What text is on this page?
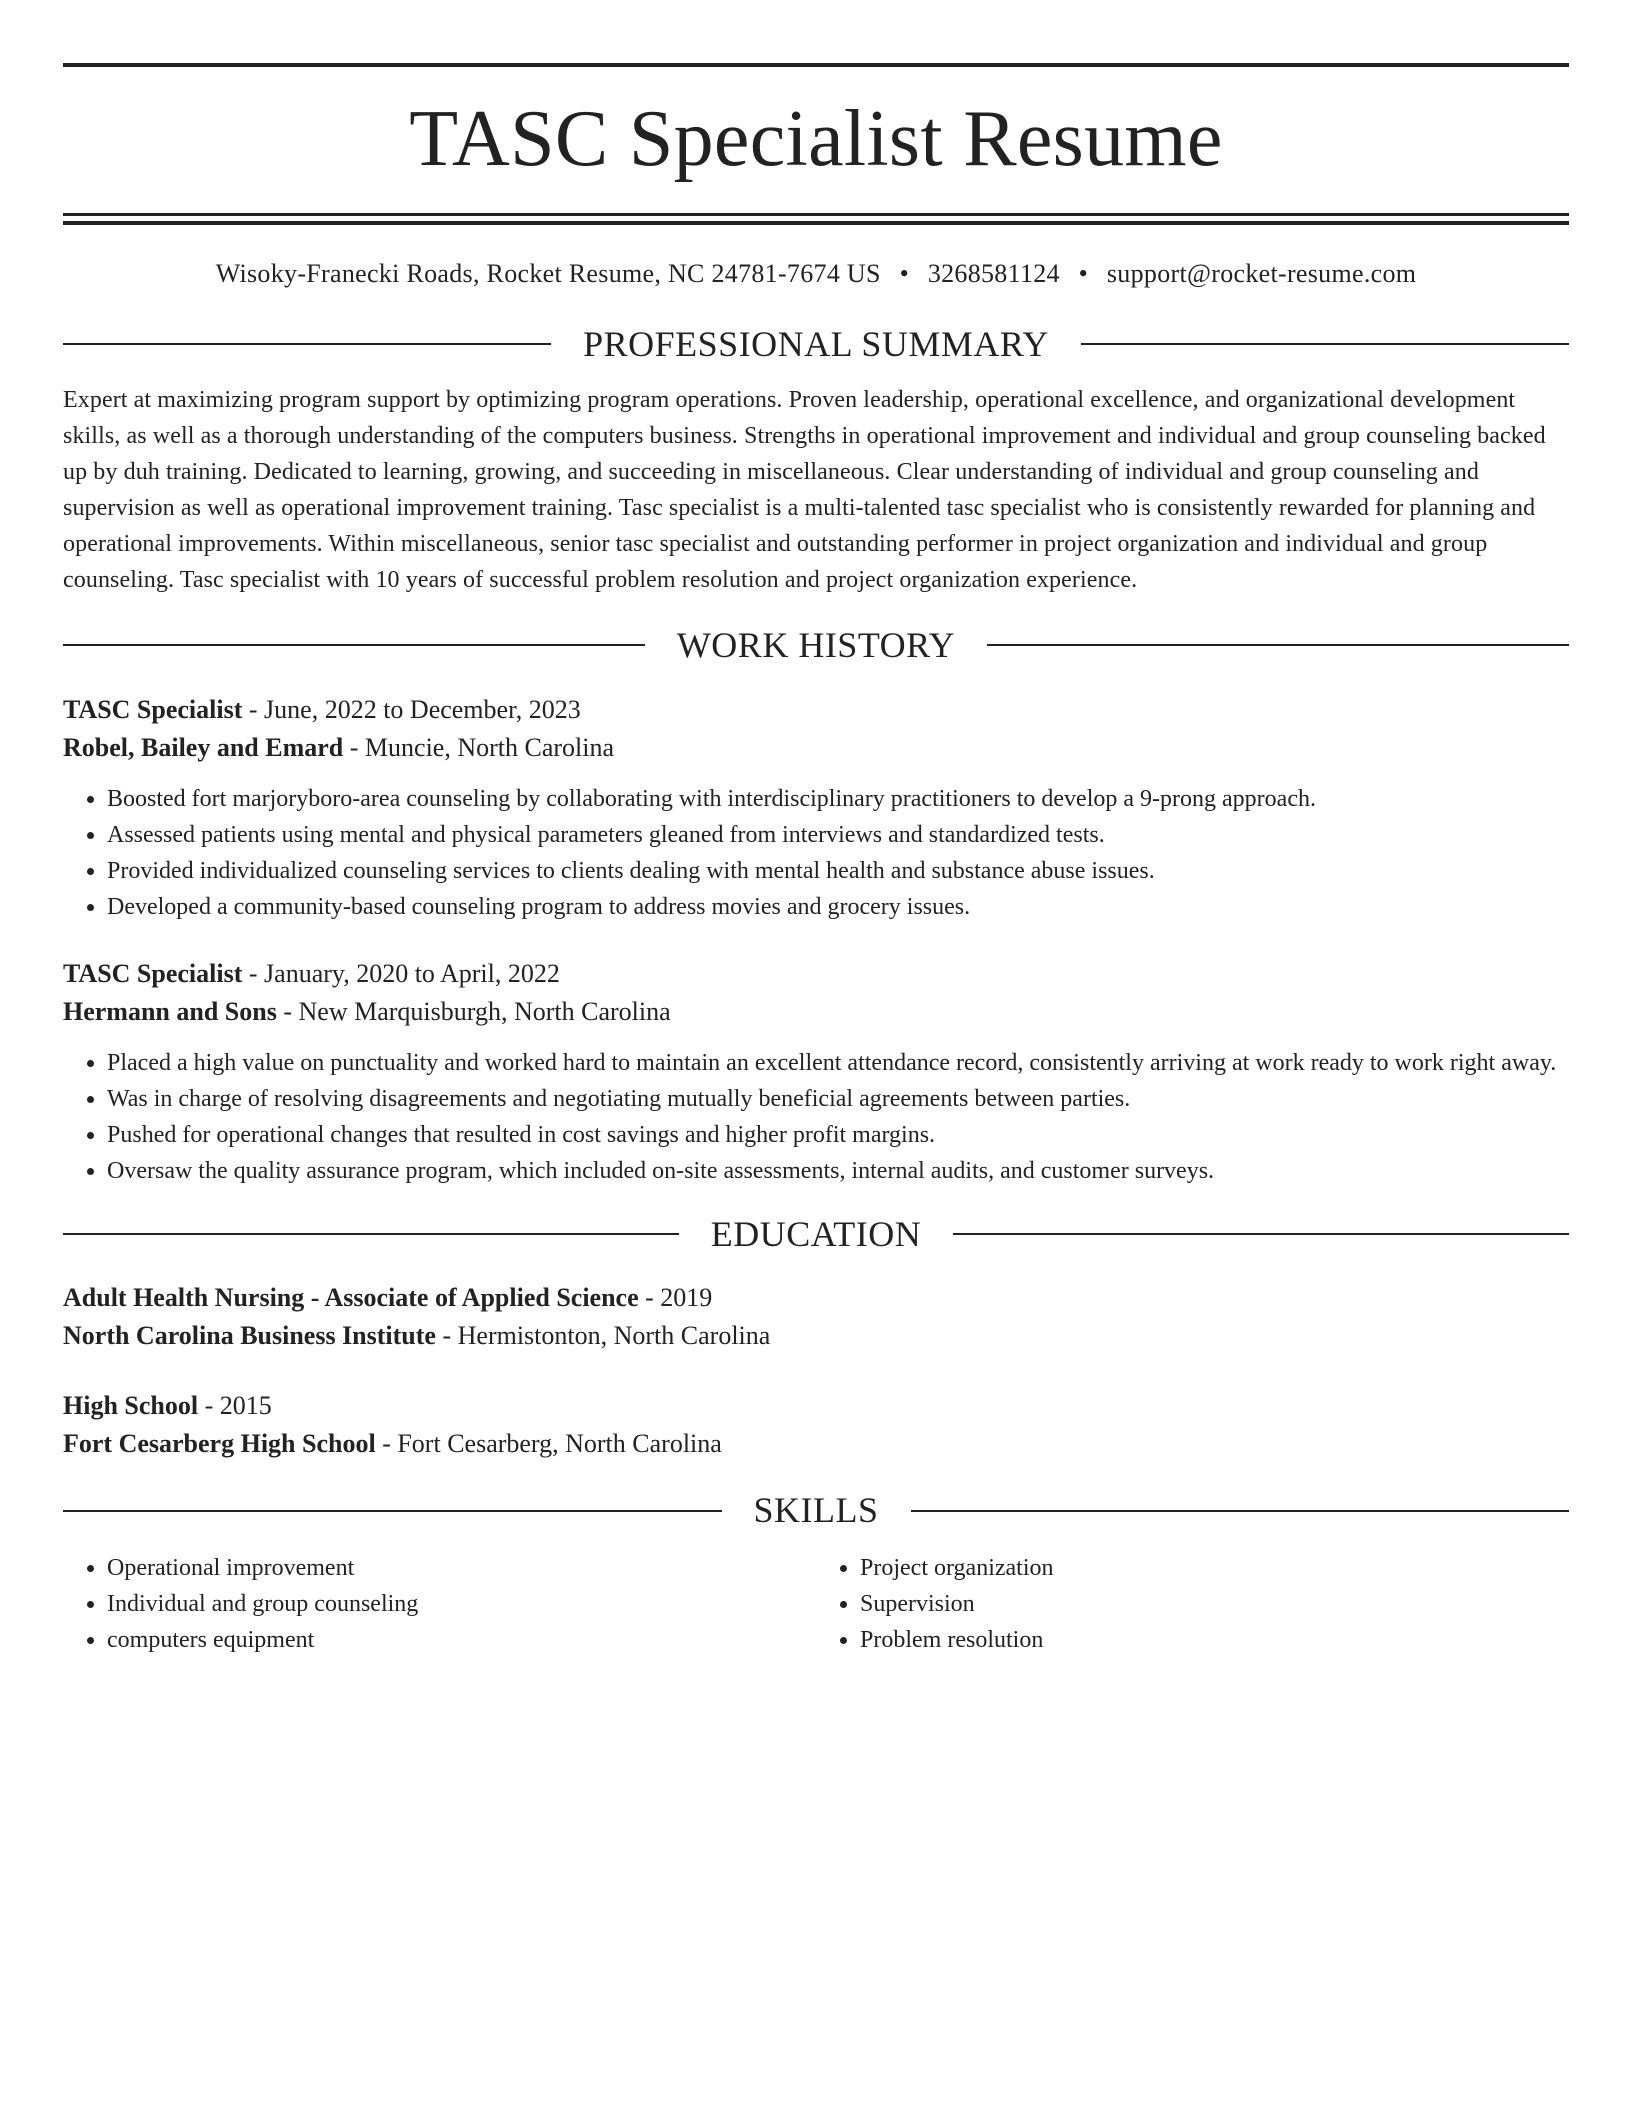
TASC Specialist Resume
Wisoky-Franecki Roads, Rocket Resume, NC 24781-7674 US • 3268581124 • support@rocket-resume.com
PROFESSIONAL SUMMARY

Expert at maximizing program support by optimizing program operations. Proven leadership, operational excellence, and organizational development skills, as well as a thorough understanding of the computers business. Strengths in operational improvement and individual and group counseling backed up by duh training. Dedicated to learning, growing, and succeeding in miscellaneous. Clear understanding of individual and group counseling and supervision as well as operational improvement training. Tasc specialist is a multi-talented tasc specialist who is consistently rewarded for planning and operational improvements. Within miscellaneous, senior tasc specialist and outstanding performer in project organization and individual and group counseling. Tasc specialist with 10 years of successful problem resolution and project organization experience.

WORK HISTORY
TASC Specialist - June, 2022 to December, 2023
Robel, Bailey and Emard - Muncie, North Carolina
• Boosted fort marjoryboro-area counseling by collaborating with interdisciplinary practitioners to develop a 9-prong approach.
• Assessed patients using mental and physical parameters gleaned from interviews and standardized tests.
• Provided individualized counseling services to clients dealing with mental health and substance abuse issues.
• Developed a community-based counseling program to address movies and grocery issues.
TASC Specialist - January, 2020 to April, 2022
Hermann and Sons - New Marquisburgh, North Carolina
• Placed a high value on punctuality and worked hard to maintain an excellent attendance record, consistently arriving at work ready to work right away.
• Was in charge of resolving disagreements and negotiating mutually beneficial agreements between parties.
• Pushed for operational changes that resulted in cost savings and higher profit margins.
• Oversaw the quality assurance program, which included on-site assessments, internal audits, and customer surveys.
EDUCATION
Adult Health Nursing - Associate of Applied Science - 2019
North Carolina Business Institute - Hermistonton, North Carolina
High School - 2015
Fort Cesarberg High School - Fort Cesarberg, North Carolina
SKILLS
• Operational improvement
• Individual and group counseling
• computers equipment
• Project organization
• Supervision
• Problem resolution
